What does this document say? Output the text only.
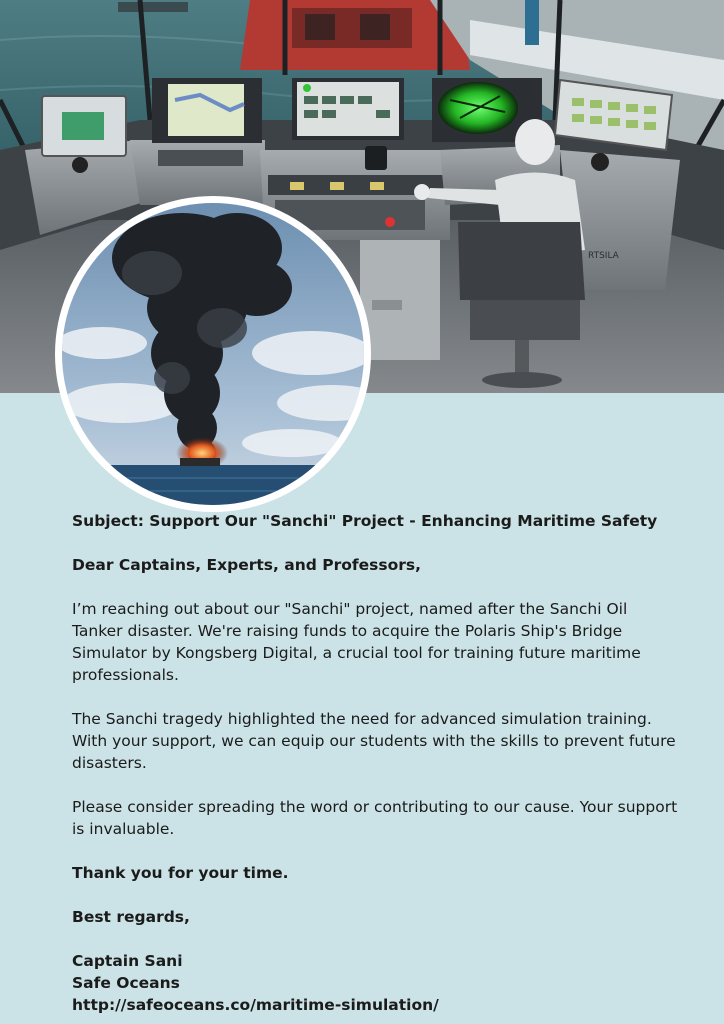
RTSILA

Subject: Support Our "Sanchi" Project - Enhancing Maritime Safety

Dear Captains, Experts, and Professors,

I’m reaching out about our "Sanchi" project, named after the Sanchi Oil Tanker disaster. We're raising funds to acquire the Polaris Ship's Bridge Simulator by Kongsberg Digital, a crucial tool for training future maritime professionals.

The Sanchi tragedy highlighted the need for advanced simulation training. With your support, we can equip our students with the skills to prevent future disasters.

Please consider spreading the word or contributing to our cause. Your support is invaluable.

Thank you for your time.

Best regards,

Captain Sani

Safe Oceans

http://safeoceans.co/maritime-simulation/
